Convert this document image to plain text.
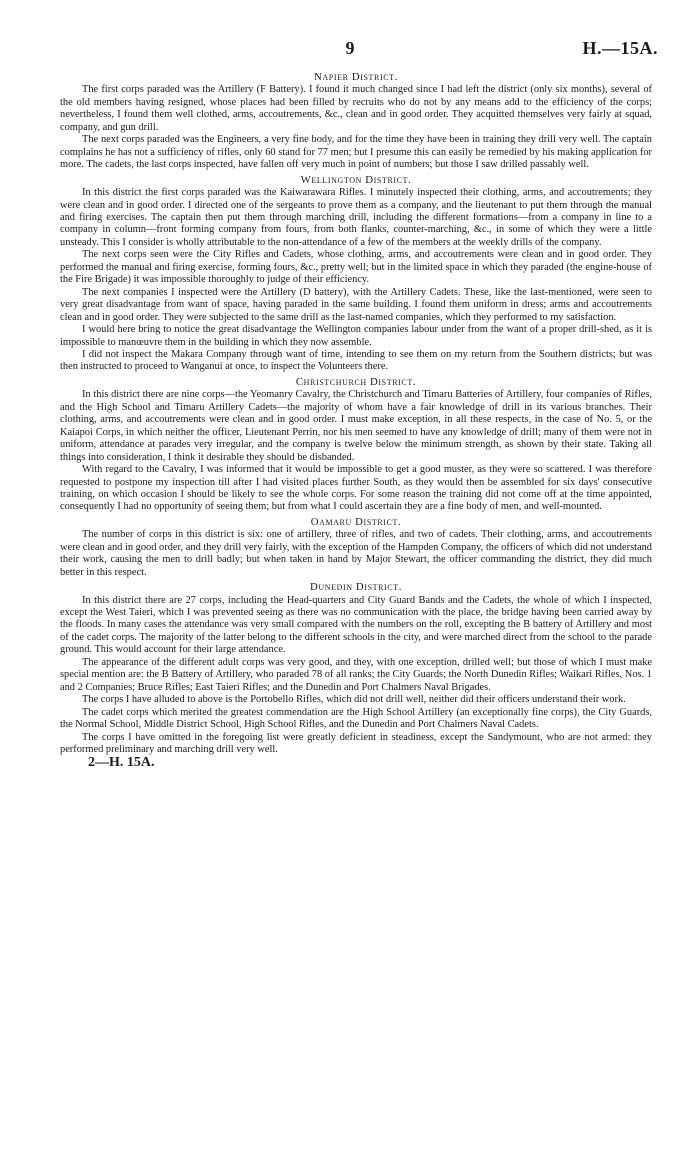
9	H.—15A.

Napier District.

The first corps paraded was the Artillery (F Battery). I found it much changed since I had left the district (only six months), several of the old members having resigned, whose places had been filled by recruits who do not by any means add to the efficiency of the corps; nevertheless, I found them well clothed, arms, accoutrements, &c., clean and in good order. They acquitted themselves very fairly at squad, company, and gun drill.

The next corps paraded was the Engineers, a very fine body, and for the time they have been in training they drill very well. The captain complains he has not a sufficiency of rifles, only 60 stand for 77 men; but I presume this can easily be remedied by his making application for more. The cadets, the last corps inspected, have fallen off very much in point of numbers; but those I saw drilled passably well.

Wellington District.

In this district the first corps paraded was the Kaiwarawara Rifles. I minutely inspected their clothing, arms, and accoutrements; they were clean and in good order. I directed one of the sergeants to prove them as a company, and the lieutenant to put them through the manual and firing exercises. The captain then put them through marching drill, including the different formations—from a company in line to a company in column—front forming company from fours, from both flanks, counter-marching, &c., in some of which they were a little unsteady. This I consider is wholly attributable to the non-attendance of a few of the members at the weekly drills of the company.

The next corps seen were the City Rifles and Cadets, whose clothing, arms, and accoutrements were clean and in good order. They performed the manual and firing exercise, forming fours, &c., pretty well; but in the limited space in which they paraded (the engine-house of the Fire Brigade) it was impossible thoroughly to judge of their efficiency.

The next companies I inspected were the Artillery (D battery), with the Artillery Cadets. These, like the last-mentioned, were seen to very great disadvantage from want of space, having paraded in the same building. I found them uniform in dress; arms and accoutrements clean and in good order. They were subjected to the same drill as the last-named companies, which they performed to my satisfaction.

I would here bring to notice the great disadvantage the Wellington companies labour under from the want of a proper drill-shed, as it is impossible to manœuvre them in the building in which they now assemble.

I did not inspect the Makara Company through want of time, intending to see them on my return from the Southern districts; but was then instructed to proceed to Wanganui at once, to inspect the Volunteers there.

Christchurch District.

In this district there are nine corps—the Yeomanry Cavalry, the Christchurch and Timaru Batteries of Artillery, four companies of Rifles, and the High School and Timaru Artillery Cadets—the majority of whom have a fair knowledge of drill in its various branches. Their clothing, arms, and accoutrements were clean and in good order. I must make exception, in all these respects, in the case of No. 5, or the Kaiapoi Corps, in which neither the officer, Lieutenant Perrin, nor his men seemed to have any knowledge of drill; many of them were not in uniform, attendance at parades very irregular, and the company is twelve below the minimum strength, as shown by their state. Taking all things into consideration, I think it desirable they should be disbanded.

With regard to the Cavalry, I was informed that it would be impossible to get a good muster, as they were so scattered. I was therefore requested to postpone my inspection till after I had visited places further South, as they would then be assembled for six days' consecutive training, on which occasion I should be likely to see the whole corps. For some reason the training did not come off at the time appointed, consequently I had no opportunity of seeing them; but from what I could ascertain they are a fine body of men, and well-mounted.

Oamaru District.

The number of corps in this district is six: one of artillery, three of rifles, and two of cadets. Their clothing, arms, and accoutrements were clean and in good order, and they drill very fairly, with the exception of the Hampden Company, the officers of which did not understand their work, causing the men to drill badly; but when taken in hand by Major Stewart, the officer commanding the district, they did much better in this respect.

Dunedin District.

In this district there are 27 corps, including the Head-quarters and City Guard Bands and the Cadets, the whole of which I inspected, except the West Taieri, which I was prevented seeing as there was no communication with the place, the bridge having been carried away by the floods. In many cases the attendance was very small compared with the numbers on the roll, excepting the B battery of Artillery and most of the cadet corps. The majority of the latter belong to the different schools in the city, and were marched direct from the school to the parade ground. This would account for their large attendance.

The appearance of the different adult corps was very good, and they, with one exception, drilled well; but those of which I must make special mention are: the B Battery of Artillery, who paraded 78 of all ranks; the City Guards; the North Dunedin Rifles; Waikari Rifles, Nos. 1 and 2 Companies; Bruce Rifles; East Taieri Rifles; and the Dunedin and Port Chalmers Naval Brigades.

The corps I have alluded to above is the Portobello Rifles, which did not drill well, neither did their officers understand their work.

The cadet corps which merited the greatest commendation are the High School Artillery (an exceptionally fine corps), the City Guards, the Normal School, Middle District School, High School Rifles, and the Dunedin and Port Chalmers Naval Cadets.

The corps I have omitted in the foregoing list were greatly deficient in steadiness, except the Sandymount, who are not armed: they performed preliminary and marching drill very well.

2—H. 15A.
